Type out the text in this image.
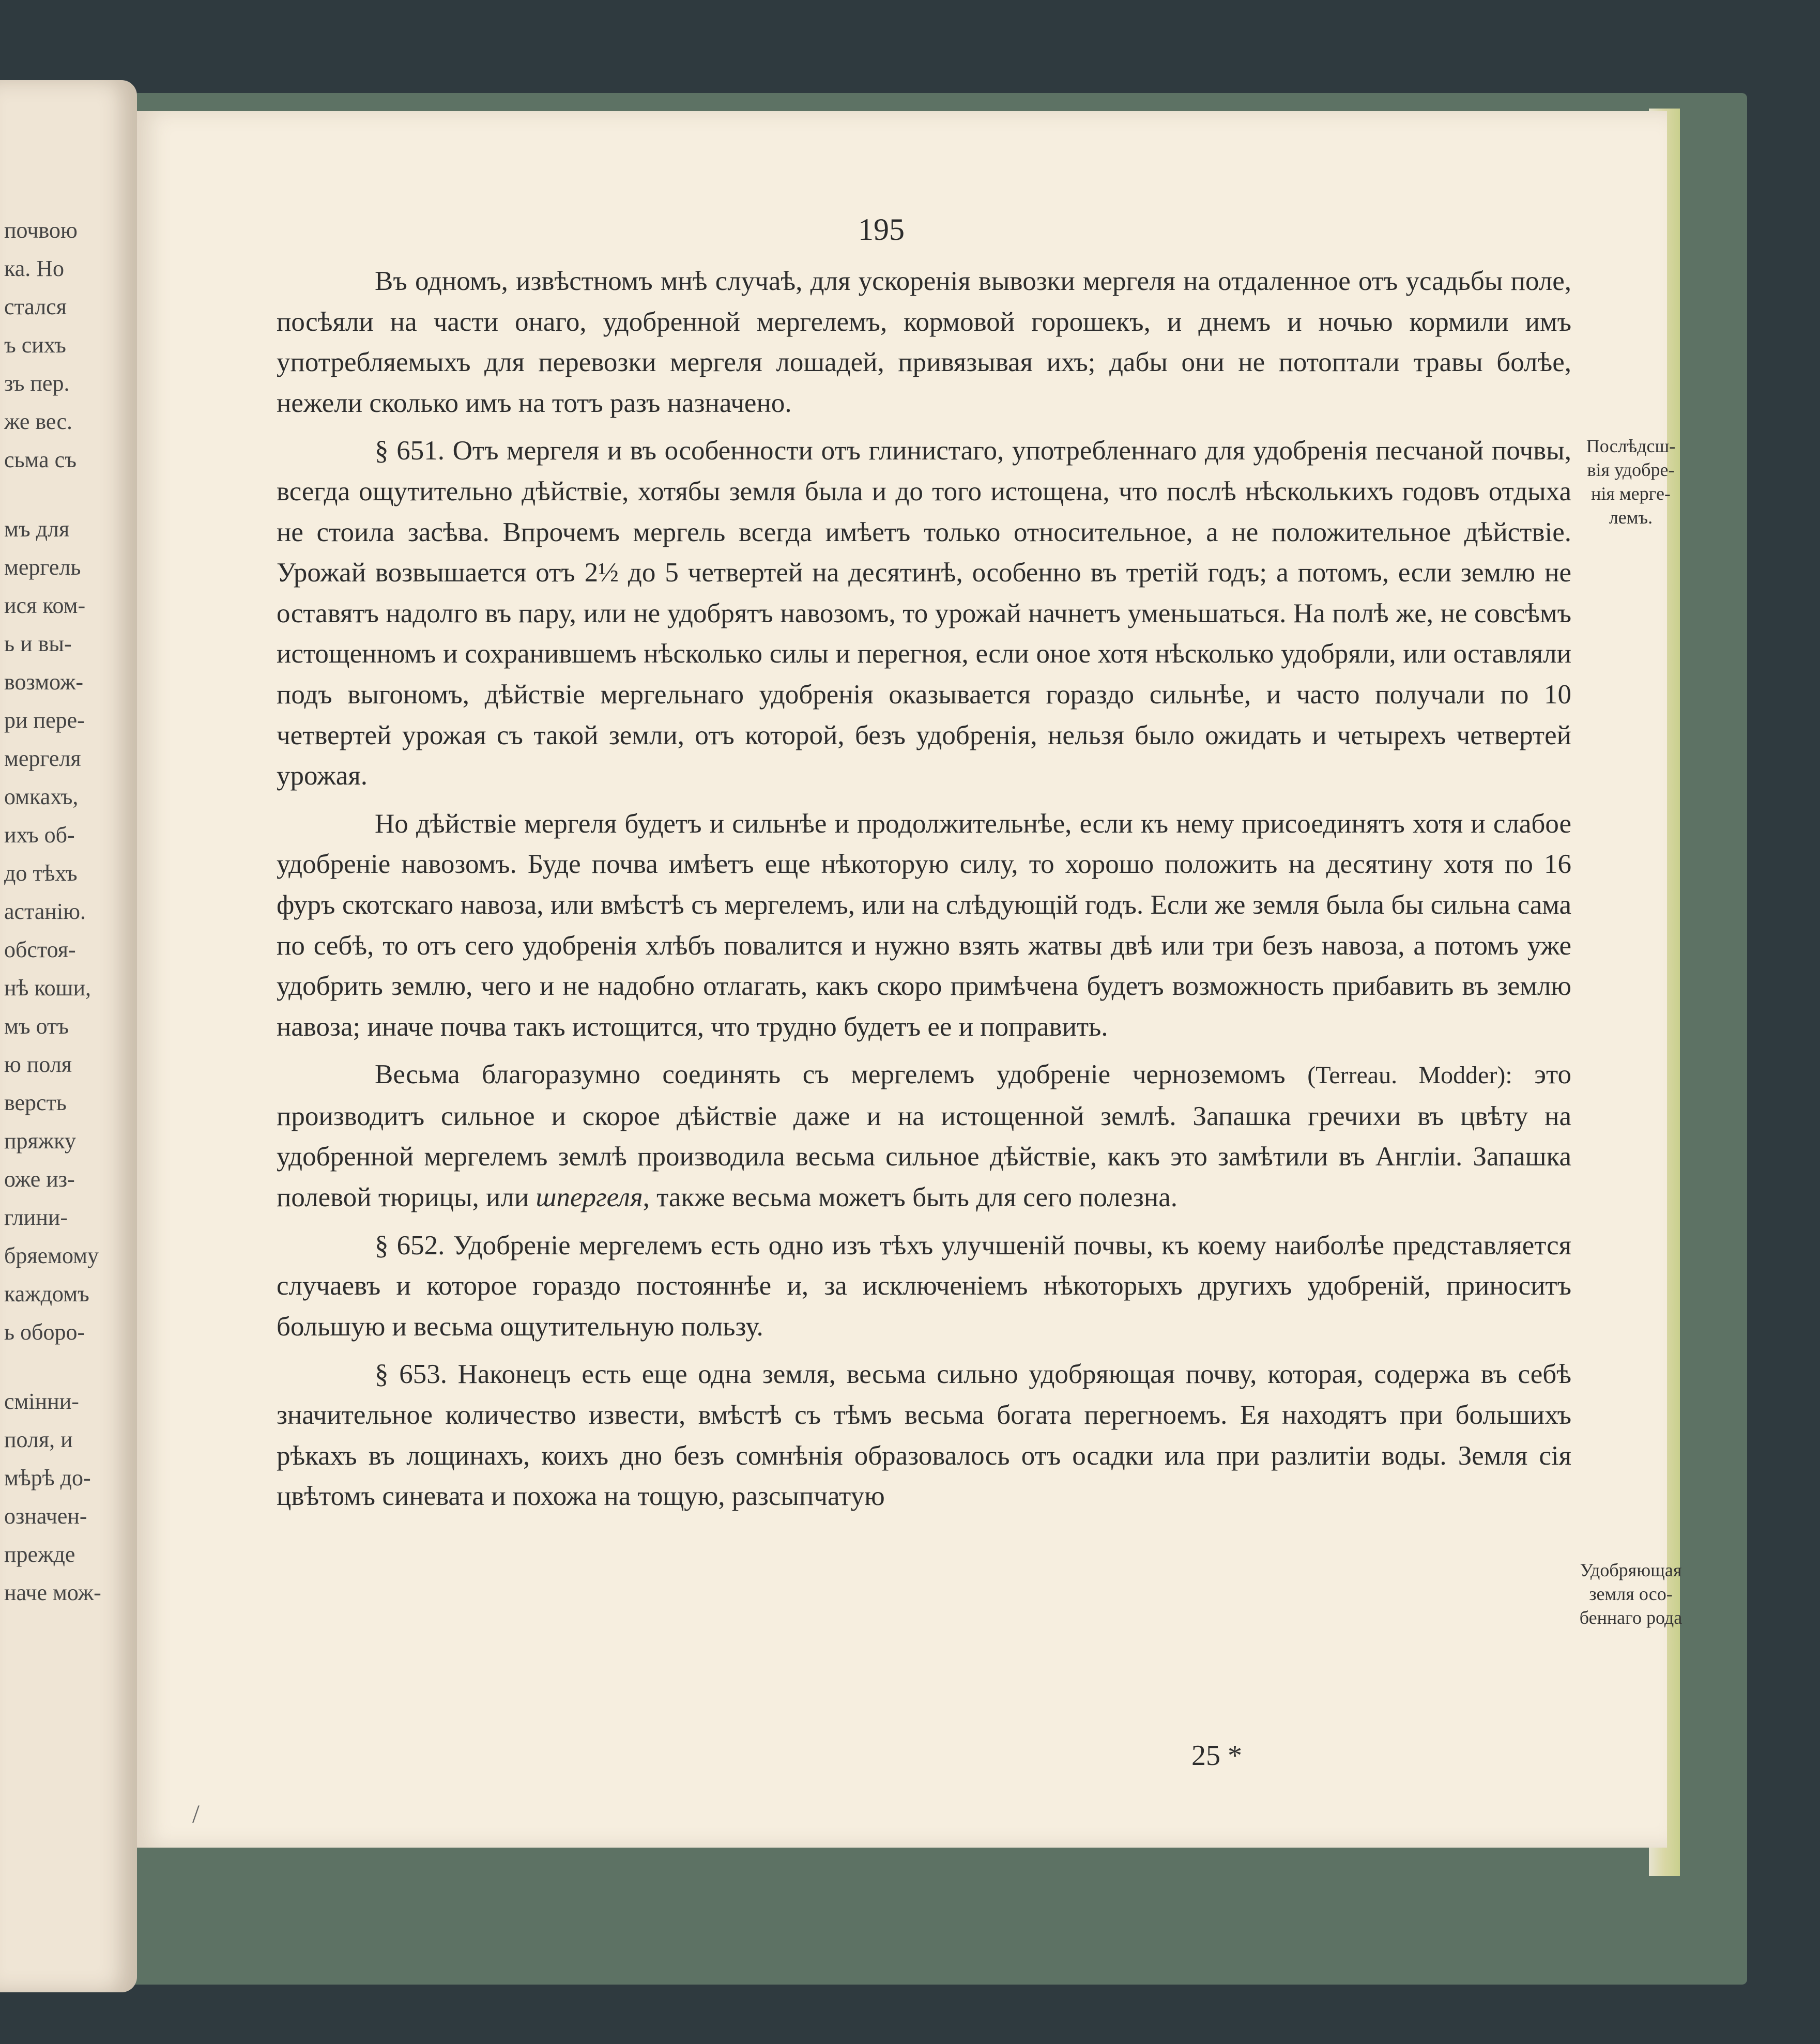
почвою
ка. Но
стался
ъ сихъ
зъ пер.
же вес.
сьма съ
мъ для
мергель
ися ком-
ь и вы-
возмож-
ри пере-
мергеля
омкахъ,
ихъ об-
до тѣхъ
астанію.
обстоя-
нѣ коши,
мъ отъ
ю поля
версть
пряжку
оже из-
глини-
бряемому
каждомъ
ь оборо-
смінни-
поля, и
мѣрѣ до-
означен-
прежде
наче мож-
195

Въ одномъ, извѣстномъ мнѣ случаѣ, для ускоренія вывозки мергеля на отдаленное отъ усадьбы поле, посѣяли на части онаго, удобренной мергелемъ, кормовой горошекъ, и днемъ и ночью кормили имъ употребляемыхъ для перевозки мергеля лошадей, привязывая ихъ; дабы они не потоптали травы болѣе, нежели сколько имъ на тотъ разъ назначено.

§ 651. Отъ мергеля и въ особенности отъ глинистаго, употребленнаго для удобренія песчаной почвы, всегда ощутительно дѣйствіе, хотябы земля была и до того истощена, что послѣ нѣсколькихъ годовъ отдыха не стоила засѣва. Впрочемъ мергель всегда имѣетъ только относительное, а не положительное дѣйствіе. Урожай возвышается отъ 2½ до 5 четвертей на десятинѣ, особенно въ третій годъ; а потомъ, если землю не оставятъ надолго въ пару, или не удобрятъ навозомъ, то урожай начнетъ уменьшаться. На полѣ же, не совсѣмъ истощенномъ и сохранившемъ нѣсколько силы и перегноя, если оное хотя нѣсколько удобряли, или оставляли подъ выгономъ, дѣйствіе мергельнаго удобренія оказывается гораздо сильнѣе, и часто получали по 10 четвертей урожая съ такой земли, отъ которой, безъ удобренія, нельзя было ожидать и четырехъ четвертей урожая.

Но дѣйствіе мергеля будетъ и сильнѣе и продолжительнѣе, если къ нему присоединятъ хотя и слабое удобреніе навозомъ. Буде почва имѣетъ еще нѣкоторую силу, то хорошо положить на десятину хотя по 16 фуръ скотскаго навоза, или вмѣстѣ съ мергелемъ, или на слѣдующій годъ. Если же земля была бы сильна сама по себѣ, то отъ сего удобренія хлѣбъ повалится и нужно взять жатвы двѣ или три безъ навоза, а потомъ уже удобрить землю, чего и не надобно отлагать, какъ скоро примѣчена будетъ возможность прибавить въ землю навоза; иначе почва такъ истощится, что трудно будетъ ее и поправить.

Весьма благоразумно соединять съ мергелемъ удобреніе черноземомъ (Terreau. Modder): это производитъ сильное и скорое дѣйствіе даже и на истощенной землѣ. Запашка гречихи въ цвѣту на удобренной мергелемъ землѣ производила весьма сильное дѣйствіе, какъ это замѣтили въ Англіи. Запашка полевой тюрицы, или шпергеля, также весьма можетъ быть для сего полезна.

§ 652. Удобреніе мергелемъ есть одно изъ тѣхъ улучшеній почвы, къ коему наиболѣе представляется случаевъ и которое гораздо постояннѣе и, за исключеніемъ нѣкоторыхъ другихъ удобреній, приноситъ большую и весьма ощутительную пользу.

§ 653. Наконецъ есть еще одна земля, весьма сильно удобряющая почву, которая, содержа въ себѣ значительное количество извести, вмѣстѣ съ тѣмъ весьма богата перегноемъ. Ея находятъ при большихъ рѣкахъ въ лощинахъ, коихъ дно безъ сомнѣнія образовалось отъ осадки ила при разлитіи воды. Земля сія цвѣтомъ синевата и похожа на тощую, разсыпчатую

Послѣдсш-вія удобре-нія мерге-лемъ.
Удобряющая земля осо-беннаго рода
25 *
/
